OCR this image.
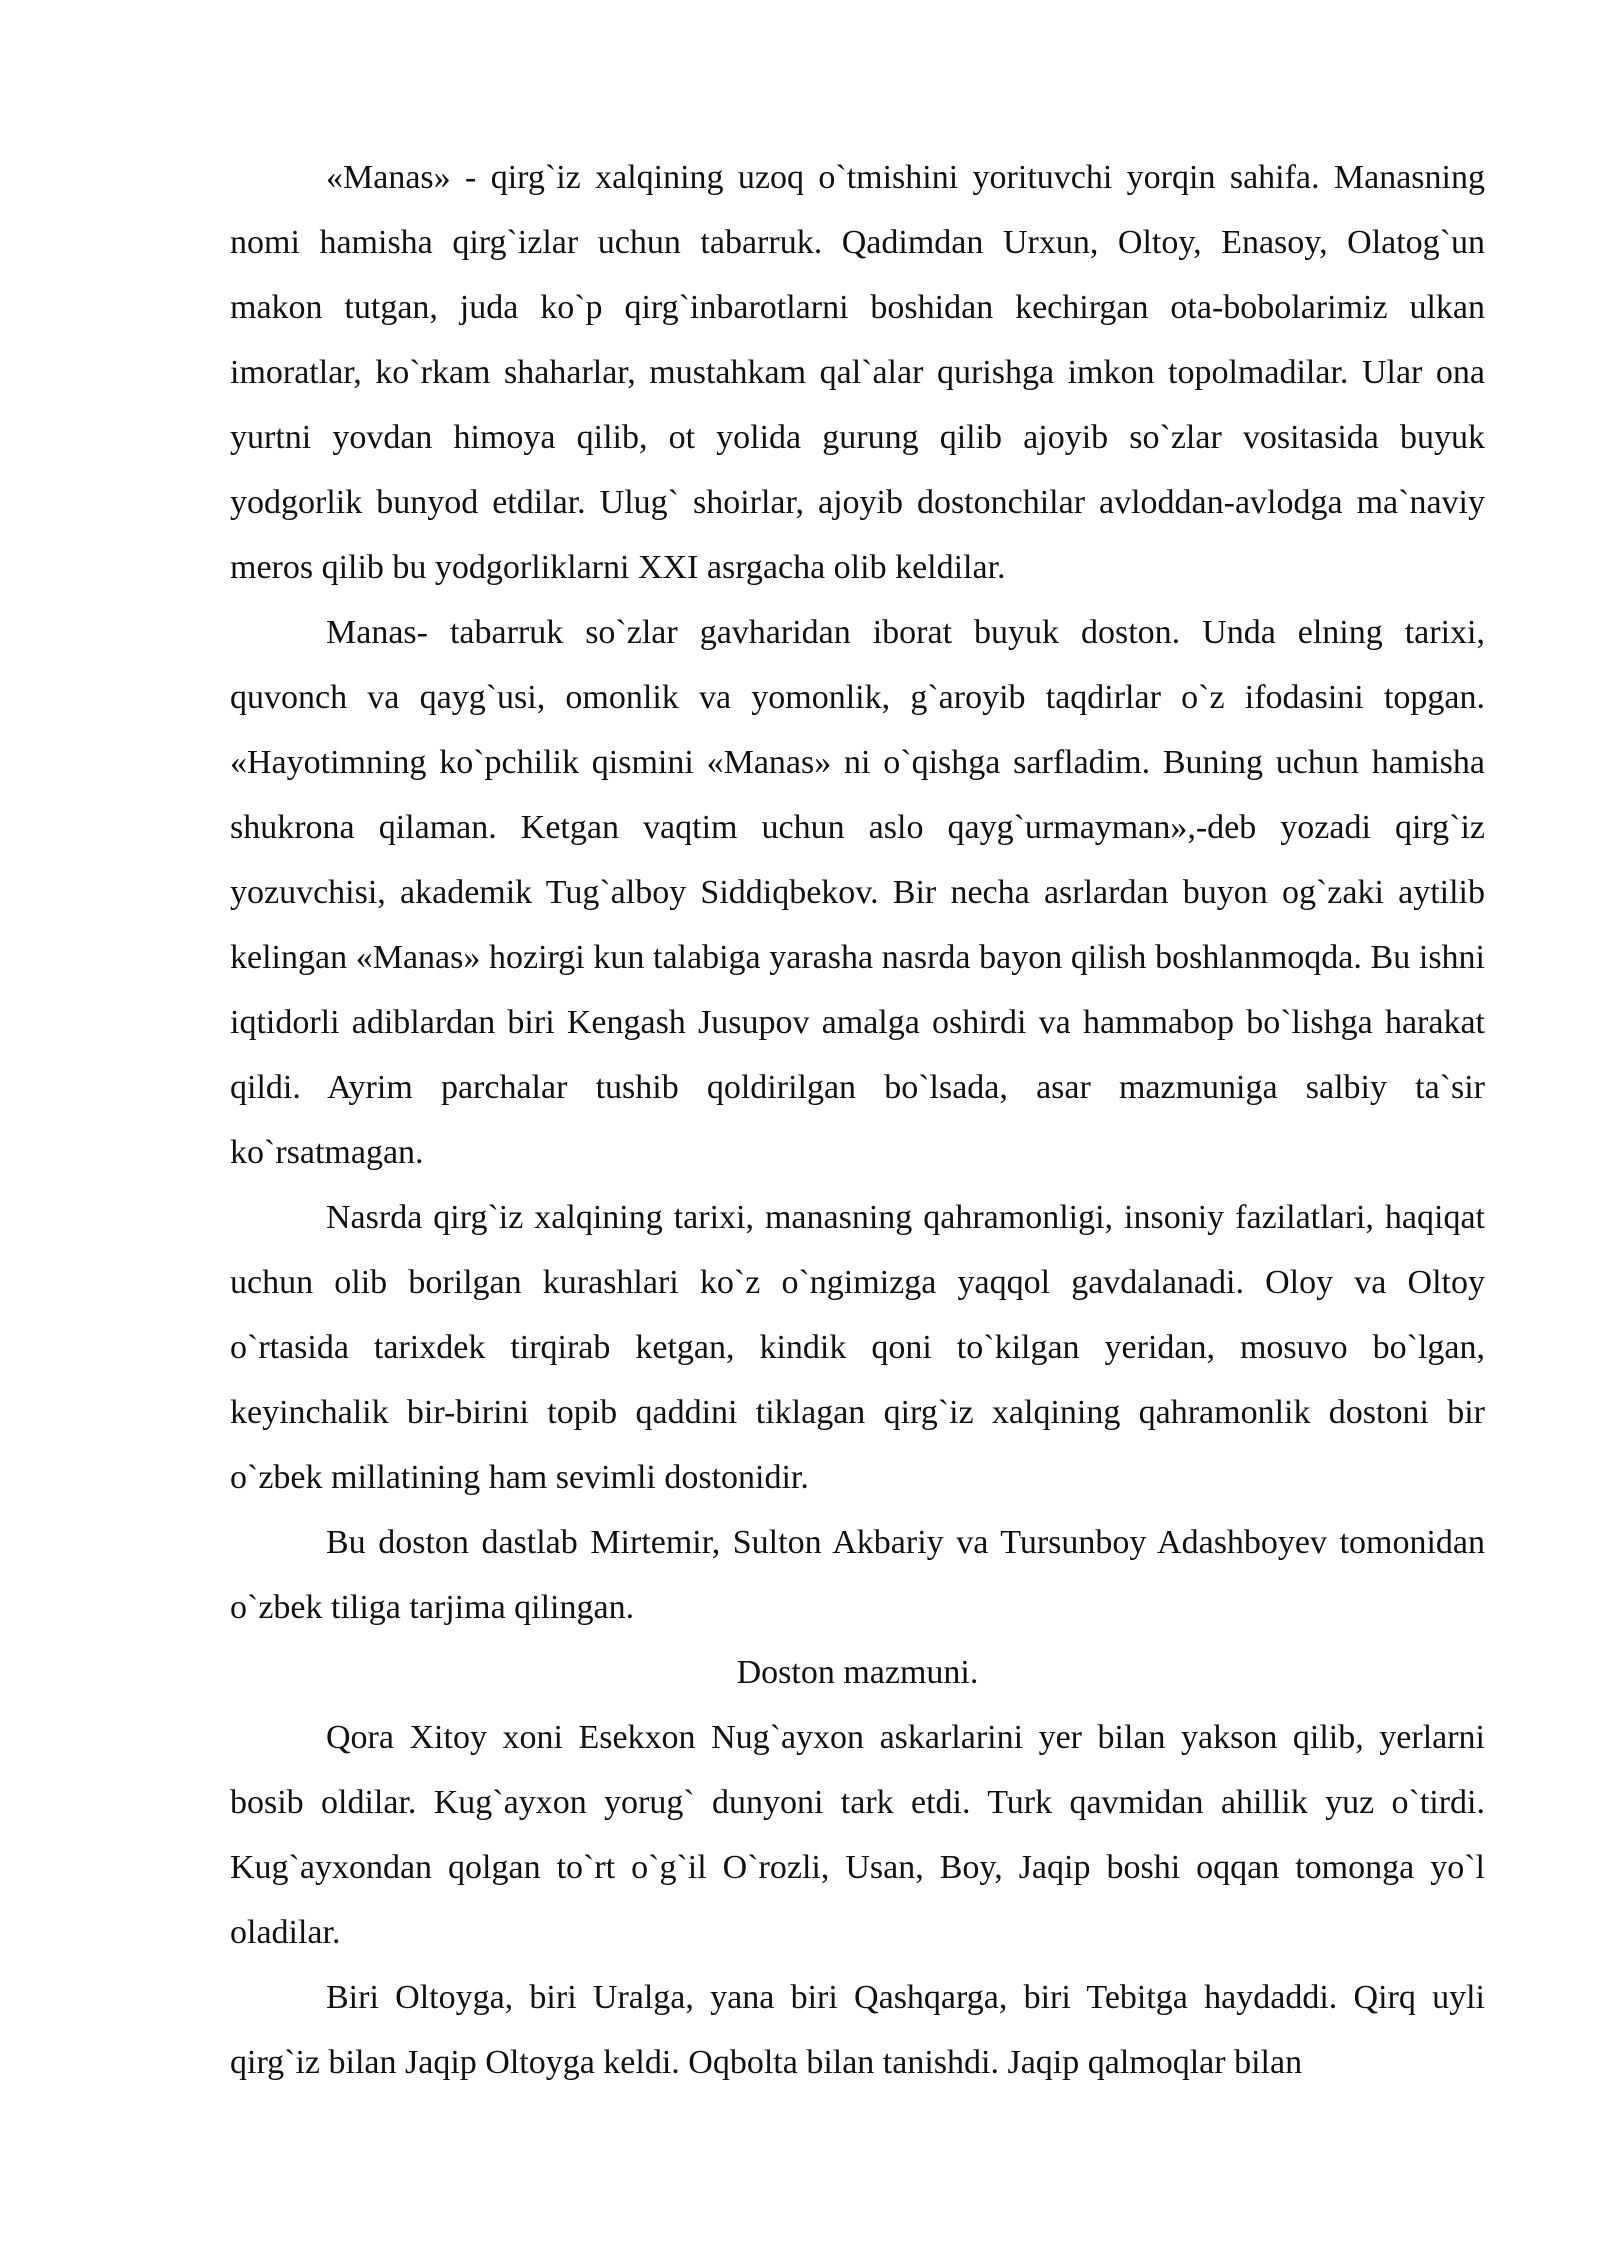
«Manas» - qirg`iz xalqining uzoq o`tmishini yorituvchi yorqin sahifa. Manasning nomi hamisha qirg`izlar uchun tabarruk. Qadimdan Urxun, Oltoy, Enasoy, Olatog`un makon tutgan, juda ko`p qirg`inbarotlarni boshidan kechirgan ota-bobolarimiz ulkan imoratlar, ko`rkam shaharlar, mustahkam qal`alar qurishga imkon topolmadilar. Ular ona yurtni yovdan himoya qilib, ot yolida gurung qilib ajoyib so`zlar vositasida buyuk yodgorlik bunyod etdilar. Ulug` shoirlar, ajoyib dostonchilar avloddan-avlodga ma`naviy meros qilib bu yodgorliklarni XXI asrgacha olib keldilar.

Manas- tabarruk so`zlar gavharidan iborat buyuk doston. Unda elning tarixi, quvonch va qayg`usi, omonlik va yomonlik, g`aroyib taqdirlar o`z ifodasini topgan. «Hayotimning ko`pchilik qismini «Manas» ni o`qishga sarfladim. Buning uchun hamisha shukrona qilaman. Ketgan vaqtim uchun aslo qayg`urmayman»,-deb yozadi qirg`iz yozuvchisi, akademik Tug`alboy Siddiqbekov. Bir necha asrlardan buyon og`zaki aytilib kelingan «Manas» hozirgi kun talabiga yarasha nasrda bayon qilish boshlanmoqda. Bu ishni iqtidorli adiblardan biri Kengash Jusupov amalga oshirdi va hammabop bo`lishga harakat qildi. Ayrim parchalar tushib qoldirilgan bo`lsada, asar mazmuniga salbiy ta`sir ko`rsatmagan.

Nasrda qirg`iz xalqining tarixi, manasning qahramonligi, insoniy fazilatlari, haqiqat uchun olib borilgan kurashlari ko`z o`ngimizga yaqqol gavdalanadi. Oloy va Oltoy o`rtasida tarixdek tirqirab ketgan, kindik qoni to`kilgan yeridan, mosuvo bo`lgan, keyinchalik bir-birini topib qaddini tiklagan qirg`iz xalqining qahramonlik dostoni bir o`zbek millatining ham sevimli dostonidir.

Bu doston dastlab Mirtemir, Sulton Akbariy va Tursunboy Adashboyev tomonidan o`zbek tiliga tarjima qilingan.

Doston mazmuni.

Qora Xitoy xoni Esekxon Nug`ayxon askarlarini yer bilan yakson qilib, yerlarni bosib oldilar. Kug`ayxon yorug` dunyoni tark etdi. Turk qavmidan ahillik yuz o`tirdi. Kug`ayxondan qolgan to`rt o`g`il O`rozli, Usan, Boy, Jaqip boshi oqqan tomonga yo`l oladilar.

Biri Oltoyga, biri Uralga, yana biri Qashqarga, biri Tebitga haydaddi. Qirq uyli qirg`iz bilan Jaqip Oltoyga keldi. Oqbolta bilan tanishdi. Jaqip qalmoqlar bilan
